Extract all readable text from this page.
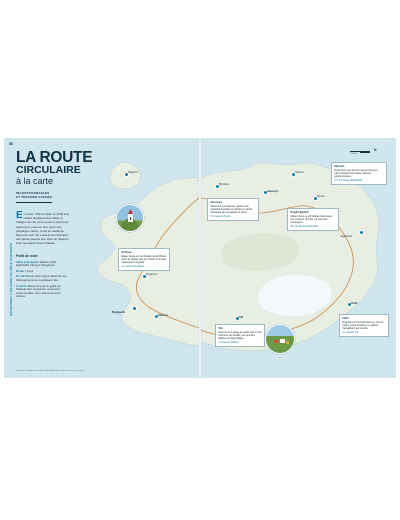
50
DÉCOUVRIR L'ISLANDE ISLANDE CONTENTS
LA ROUTE
CIRCULAIRE
à la carte
INCONTOURNABLES
ET TRÉSORS CACHÉS
E n route ! Par la route 1 (1332 km) reliant la plupart des villes et villages de l'île vous pourrez partir jour après jour, vous en tirer avec des paysages variés. C'est la meilleure façon de voir l'île ouverte de l'intérieur des fjords jusqu'à une côte de glaciers pour les bains d'eau chaude.
Profil de route

Villes principales Selfoss, Höfn, Egilsstaðir, Akureyri, Borgarnes

Durée 7 jours

En été Prévoir votre séjour assez tôt, les hébergements se remplissent vite.

À savoir Réservez pour le guide de l'Islande bien à l'avance, surtout les zones de l'Est. Vos nuits seront plus calmes.

Selfoss
Étape située sur les berges de la Ölfusá, point de départ vers les chutes et le parc national de Þingvellir.
1 h depuis Reykjavik
Selfoss
Borgarnes
Ísafjörður
Reykjavík
Distances indiquées au départ de Reykjavik, temps estimés sans arrêt.
0 50 km
N
Akureyri
Observez les baleines, goûtez aux spécialités locales et admirez le jardin botanique de la capitale du Nord.
5 h depuis Mývatn
Akureyri
Húsavík
Blönduós
Mývatn
Détendez-vous au bord du lac dans les eaux chaudes des bains naturels géothermiques.
1 h 1/2 depuis Egilsstaðir
Mývatn
Seyðisfjörður
Flânez dans ce joli village coloré avec ses maisons de bois, au pied des montagnes.
30 min depuis Egilsstaðir
Egilsstaðir
Vík
Parcourez la plage de sable noir et ses colonnes de basalte, au pied des falaises de Reynisfjara.
2 h depuis Selfoss
Vík	Höfn
Dégustez du homard dans ce port de pêche avant d'explorer le glacier Vatnajökull tout proche.
3 h depuis Vík
Höfn
